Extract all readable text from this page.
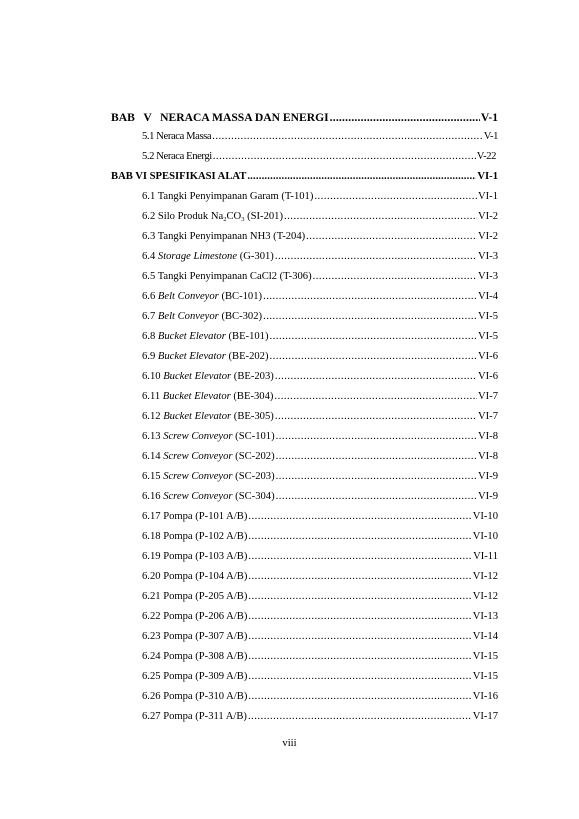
BAB   V   NERACA MASSA DAN ENERGI .....	V-1
5.1 Neraca Massa .....	V-1
5.2 Neraca Energi .....	V-22
BAB VI SPESIFIKASI ALAT .....	VI-1
6.1 Tangki Penyimpanan Garam (T-101) .....	VI-1
6.2 Silo Produk Na2CO3 (SI-201) .....	VI-2
6.3 Tangki Penyimpanan NH3 (T-204) .....	VI-2
6.4 Storage Limestone (G-301) .....	VI-3
6.5 Tangki Penyimpanan CaCl2 (T-306) .....	VI-3
6.6 Belt Conveyor (BC-101) .....	VI-4
6.7 Belt Conveyor (BC-302) .....	VI-5
6.8 Bucket Elevator (BE-101) .....	VI-5
6.9 Bucket Elevator (BE-202) .....	VI-6
6.10 Bucket Elevator (BE-203) .....	VI-6
6.11 Bucket Elevator (BE-304) .....	VI-7
6.12 Bucket Elevator (BE-305) .....	VI-7
6.13 Screw Conveyor (SC-101) .....	VI-8
6.14 Screw Conveyor (SC-202) .....	VI-8
6.15 Screw Conveyor (SC-203) .....	VI-9
6.16 Screw Conveyor (SC-304) .....	VI-9
6.17 Pompa (P-101 A/B) .....	VI-10
6.18 Pompa (P-102 A/B) .....	VI-10
6.19 Pompa (P-103 A/B) .....	VI-11
6.20 Pompa (P-104 A/B) .....	VI-12
6.21 Pompa (P-205 A/B) .....	VI-12
6.22 Pompa (P-206 A/B) .....	VI-13
6.23 Pompa (P-307 A/B) .....	VI-14
6.24 Pompa (P-308 A/B) .....	VI-15
6.25 Pompa (P-309 A/B) .....	VI-15
6.26 Pompa (P-310 A/B) .....	VI-16
6.27 Pompa (P-311 A/B) .....	VI-17
viii
